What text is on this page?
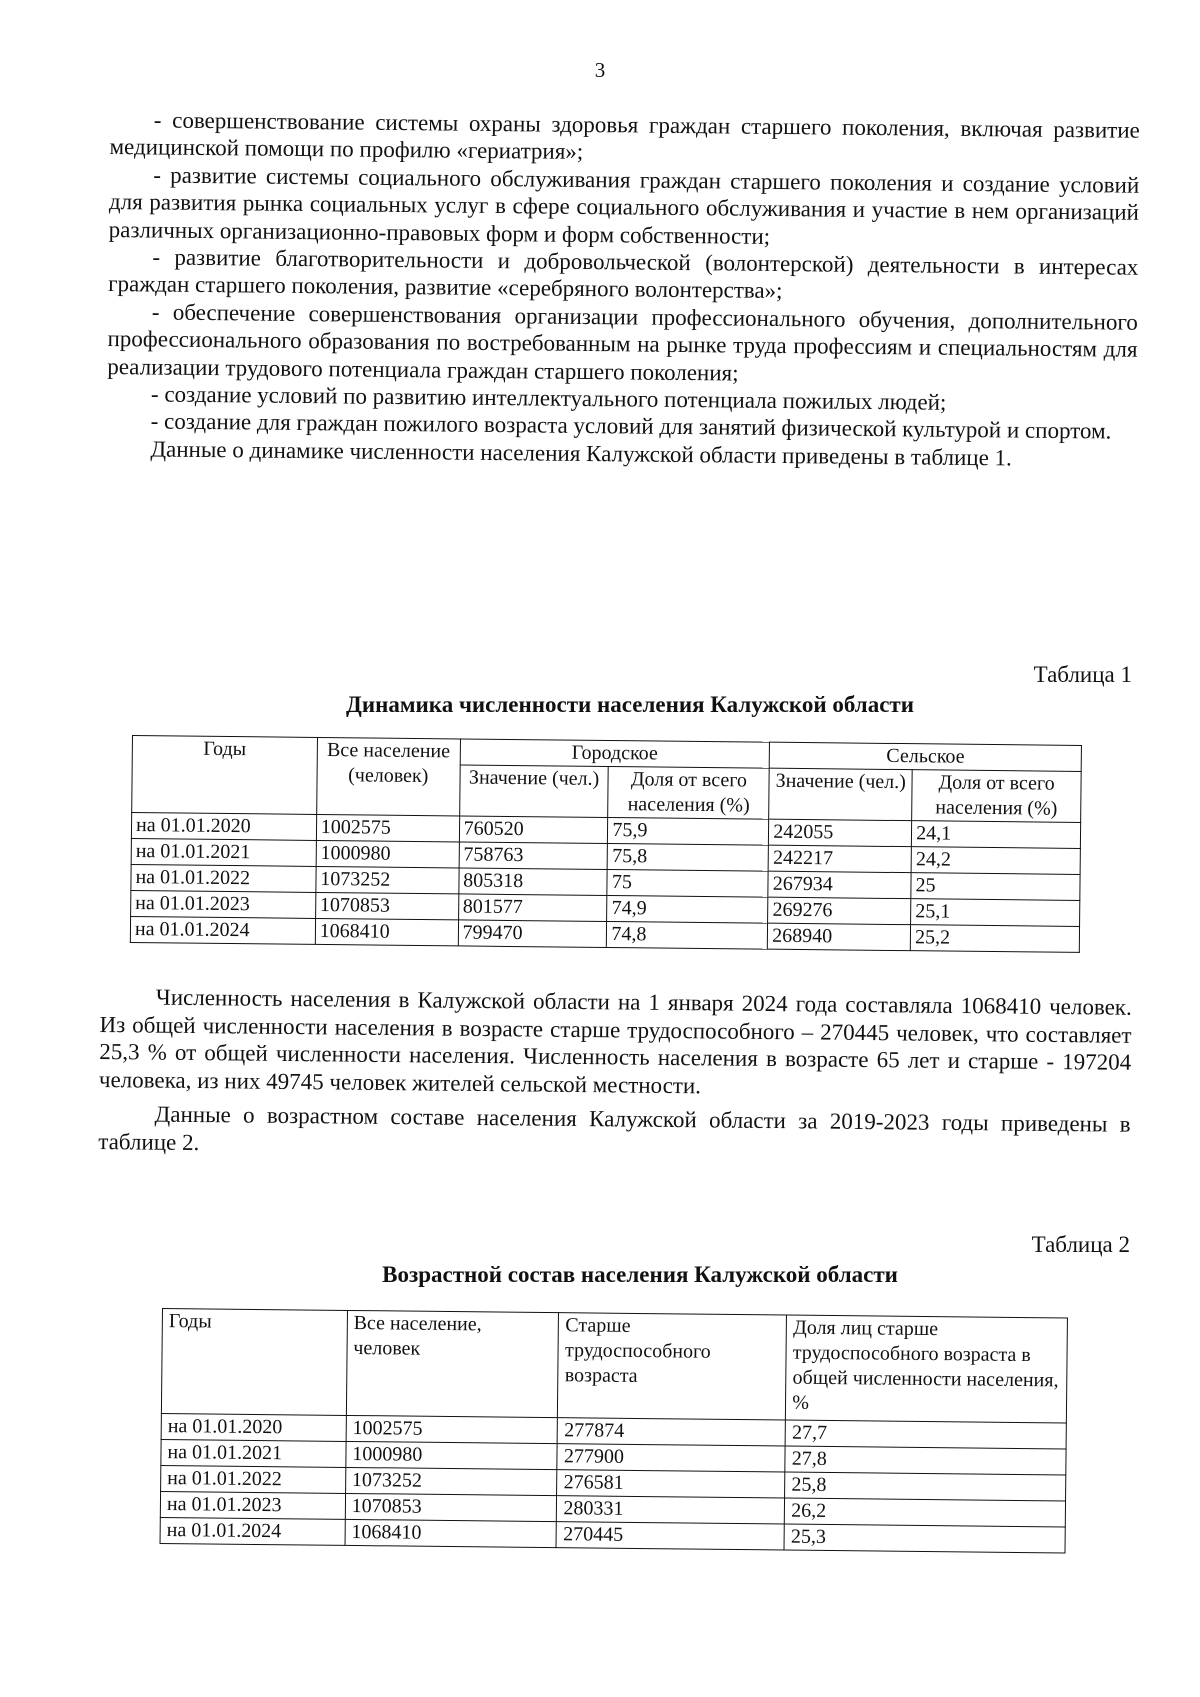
3

- совершенствование системы охраны здоровья граждан старшего поколения, включая развитие медицинской помощи по профилю «гериатрия»;

- развитие системы социального обслуживания граждан старшего поколения и создание условий для развития рынка социальных услуг в сфере социального обслуживания и участие в нем организаций различных организационно-правовых форм и форм собственности;

- развитие благотворительности и добровольческой (волонтерской) деятельности в интересах граждан старшего поколения, развитие «серебряного волонтерства»;

- обеспечение совершенствования организации профессионального обучения, дополнительного профессионального образования по востребованным на рынке труда профессиям и специальностям для реализации трудового потенциала граждан старшего поколения;

- создание условий по развитию интеллектуального потенциала пожилых людей;

- создание для граждан пожилого возраста условий для занятий физической культурой и спортом.

Данные о динамике численности населения Калужской области приведены в таблице 1.

Таблица 1
Динамика численности населения Калужской области
Годы	Все население (человек)	Городское		Сельское	
		Значение (чел.)	Доля от всего населения (%)	Значение (чел.)	Доля от всего населения (%)
на 01.01.2020	1002575	760520	75,9	242055	24,1
на 01.01.2021	1000980	758763	75,8	242217	24,2
на 01.01.2022	1073252	805318	75	267934	25
на 01.01.2023	1070853	801577	74,9	269276	25,1
на 01.01.2024	1068410	799470	74,8	268940	25,2

Численность населения в Калужской области на 1 января 2024 года составляла 1068410 человек. Из общей численности населения в возрасте старше трудоспособного – 270445 человек, что составляет 25,3 % от общей численности населения. Численность населения в возрасте 65 лет и старше - 197204 человека, из них 49745 человек жителей сельской местности.

Данные о возрастном составе населения Калужской области за 2019-2023 годы приведены в таблице 2.

Таблица 2
Возрастной состав населения Калужской области
Годы	Все население, человек	Старше трудоспособного возраста	Доля лиц старше трудоспособного возраста в общей численности населения, %
на 01.01.2020	1002575	277874	27,7
на 01.01.2021	1000980	277900	27,8
на 01.01.2022	1073252	276581	25,8
на 01.01.2023	1070853	280331	26,2
на 01.01.2024	1068410	270445	25,3
